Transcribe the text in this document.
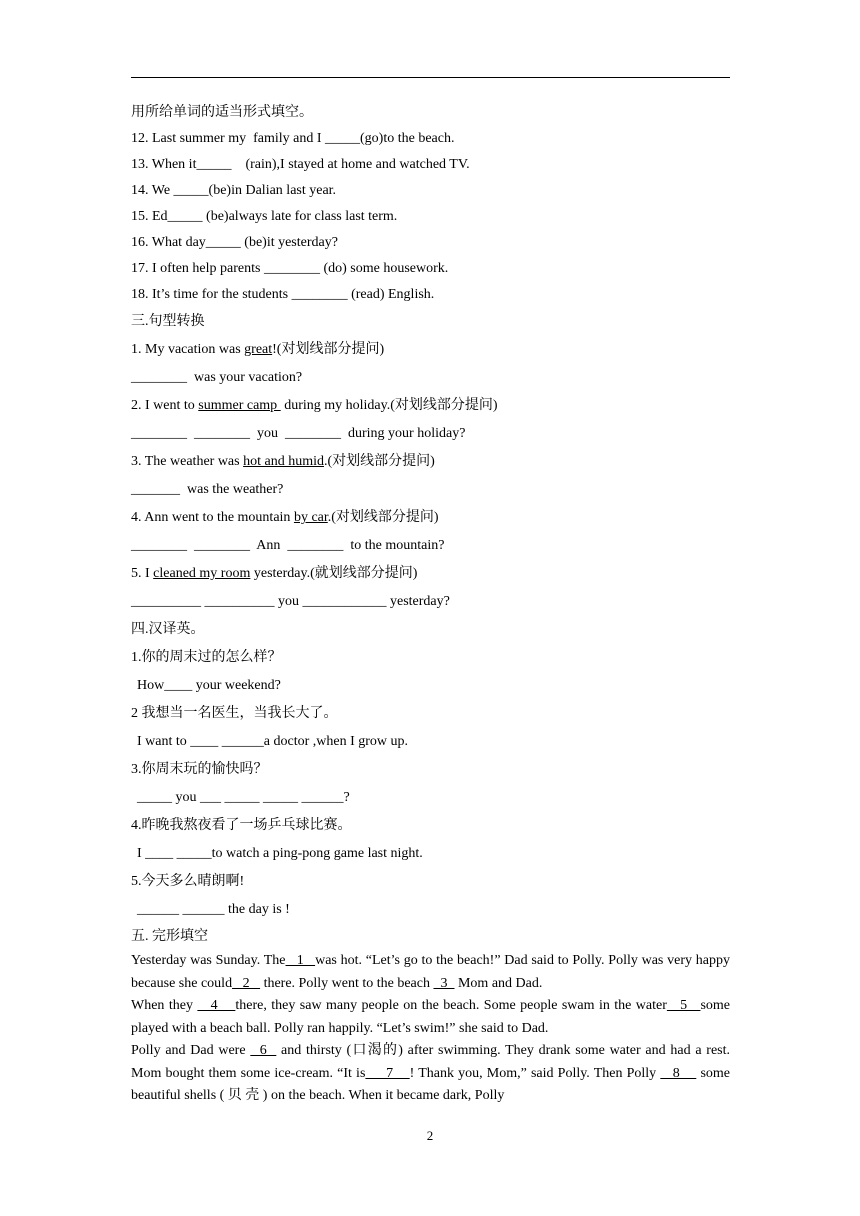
用所给单词的适当形式填空。
12. Last summer my  family and I _____(go)to the beach.
13. When it_____    (rain),I stayed at home and watched TV.
14. We _____(be)in Dalian last year.
15. Ed_____ (be)always late for class last term.
16. What day_____ (be)it yesterday?
17. I often help parents ________ (do) some housework.
18. It’s time for the students ________ (read) English.
三.句型转换
1. My vacation was great!(对划线部分提问)
________  was your vacation?
2. I went to summer camp  during my holiday.(对划线部分提问)
________  ________  you  ________  during your holiday?
3. The weather was hot and humid.(对划线部分提问)
_______  was the weather?
4. Ann went to the mountain by car.(对划线部分提问)
________  ________  Ann  ________  to the mountain?
5. I cleaned my room yesterday.(就划线部分提问)
__________ __________ you ____________ yesterday?
四.汉译英。
1.你的周末过的怎么样？
How____ your weekend?
2 我想当一名医生，当我长大了。
I want to ____ ______a doctor ,when I grow up.
3.你周末玩的愉快吗？
_____ you ___ _____ _____ ______?
4.昨晚我熬夜看了一场乒乓球比赛。
I ____ _____to watch a ping-pong game last night.
5.今天多么晴朗啊!
______ ______ the day is !
五. 完形填空

Yesterday was Sunday. The   1   was hot. “Let’s go to the beach!” Dad said to Polly. Polly was very happy because she could   2    there. Polly went to the beach   3   Mom and Dad.

When they    4    there, they saw many people on the beach. Some people swam in the water   5   some played with a beach ball. Polly ran happily. “Let’s swim!” she said to Dad.

Polly and Dad were   6   and thirsty (口渴的) after swimming. They drank some water and had a rest. Mom bought them some ice-cream. “It is     7    ! Thank you, Mom,” said Polly. Then Polly    8     some beautiful shells ( 贝 壳 ) on the beach. When it became dark, Polly

2
